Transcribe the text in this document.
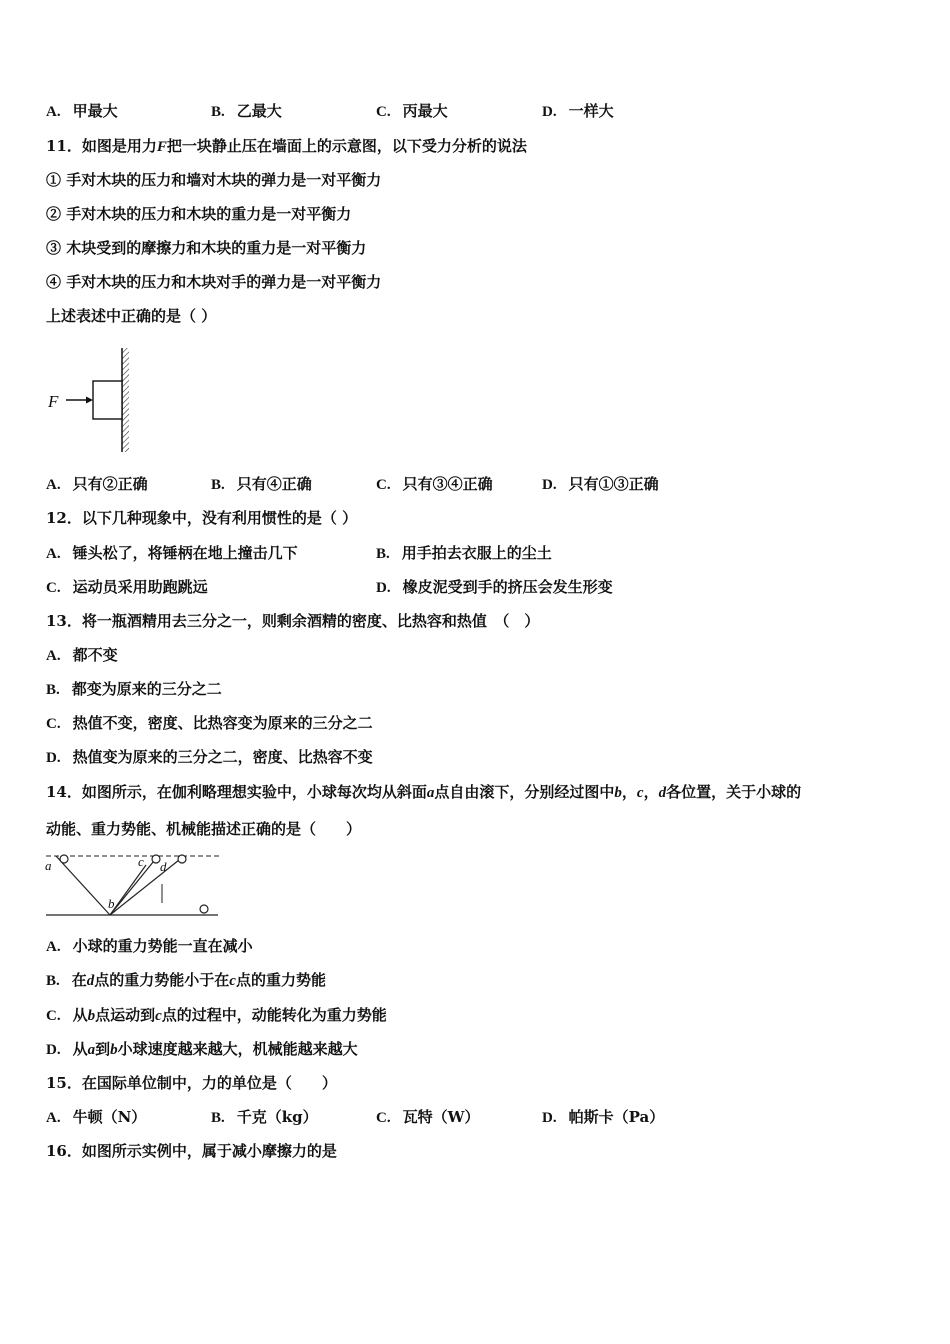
A. 甲最大	B. 乙最大	C. 丙最大	D. 一样大
11．如图是用力F把一块静止压在墙面上的示意图，以下受力分析的说法
① 手对木块的压力和墙对木块的弹力是一对平衡力
② 手对木块的压力和木块的重力是一对平衡力
③ 木块受到的摩擦力和木块的重力是一对平衡力
④ 手对木块的压力和木块对手的弹力是一对平衡力
上述表述中正确的是（ ）
F
A. 只有②正确	B. 只有④正确	C. 只有③④正确	D. 只有①③正确
12．以下几种现象中，没有利用惯性的是（ ）
A. 锤头松了，将锤柄在地上撞击几下	B. 用手拍去衣服上的尘土
C. 运动员采用助跑跳远	D. 橡皮泥受到手的挤压会发生形变
13．将一瓶酒精用去三分之一，则剩余酒精的密度、比热容和热值　（　）
A. 都不变
B. 都变为原来的三分之二
C. 热值不变，密度、比热容变为原来的三分之二
D. 热值变为原来的三分之二，密度、比热容不变
14．如图所示，在伽利略理想实验中，小球每次均从斜面a点自由滚下，分别经过图中b，c，d各位置，关于小球的
动能、重力势能、机械能描述正确的是（　　）
a
b
c d
A. 小球的重力势能一直在减小
B. 在d点的重力势能小于在c点的重力势能
C. 从b点运动到c点的过程中，动能转化为重力势能
D. 从a到b小球速度越来越大，机械能越来越大
15．在国际单位制中，力的单位是（　　）
A. 牛顿（N）	B. 千克（kg）	C. 瓦特（W）	D. 帕斯卡（Pa）
16．如图所示实例中，属于减小摩擦力的是
